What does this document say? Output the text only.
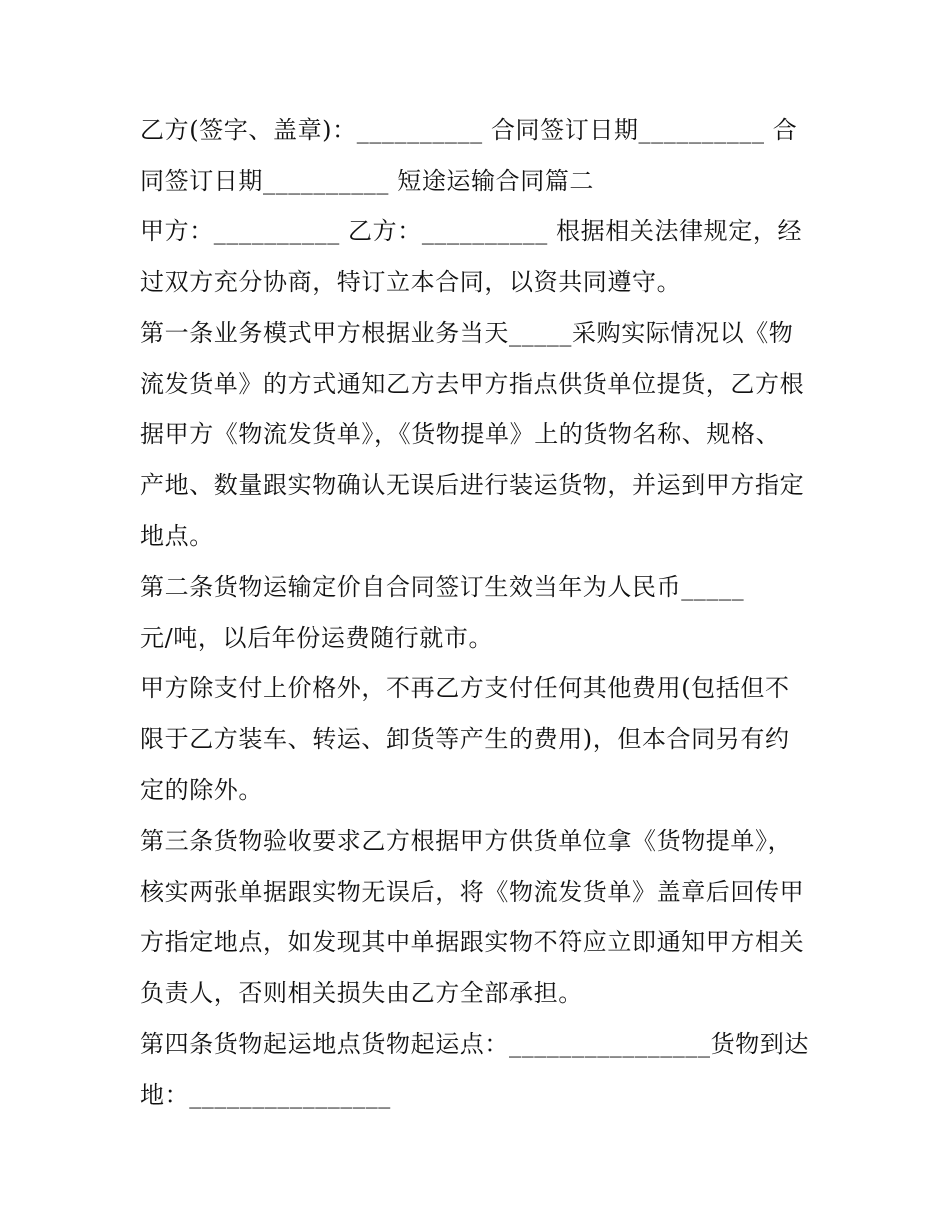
乙方(签字、盖章)：__________ 合同签订日期__________ 合
同签订日期__________ 短途运输合同篇二
甲方：__________ 乙方：__________ 根据相关法律规定，经
过双方充分协商，特订立本合同，以资共同遵守。
第一条业务模式甲方根据业务当天_____采购实际情况以《物
流发货单》的方式通知乙方去甲方指点供货单位提货，乙方根
据甲方《物流发货单》，《货物提单》上的货物名称、规格、
产地、数量跟实物确认无误后进行装运货物，并运到甲方指定
地点。
第二条货物运输定价自合同签订生效当年为人民币_____
元/吨，以后年份运费随行就市。
甲方除支付上价格外，不再乙方支付任何其他费用(包括但不
限于乙方装车、转运、卸货等产生的费用)，但本合同另有约
定的除外。
第三条货物验收要求乙方根据甲方供货单位拿《货物提单》，
核实两张单据跟实物无误后，将《物流发货单》盖章后回传甲
方指定地点，如发现其中单据跟实物不符应立即通知甲方相关
负责人，否则相关损失由乙方全部承担。
第四条货物起运地点货物起运点：________________货物到达
地：________________
